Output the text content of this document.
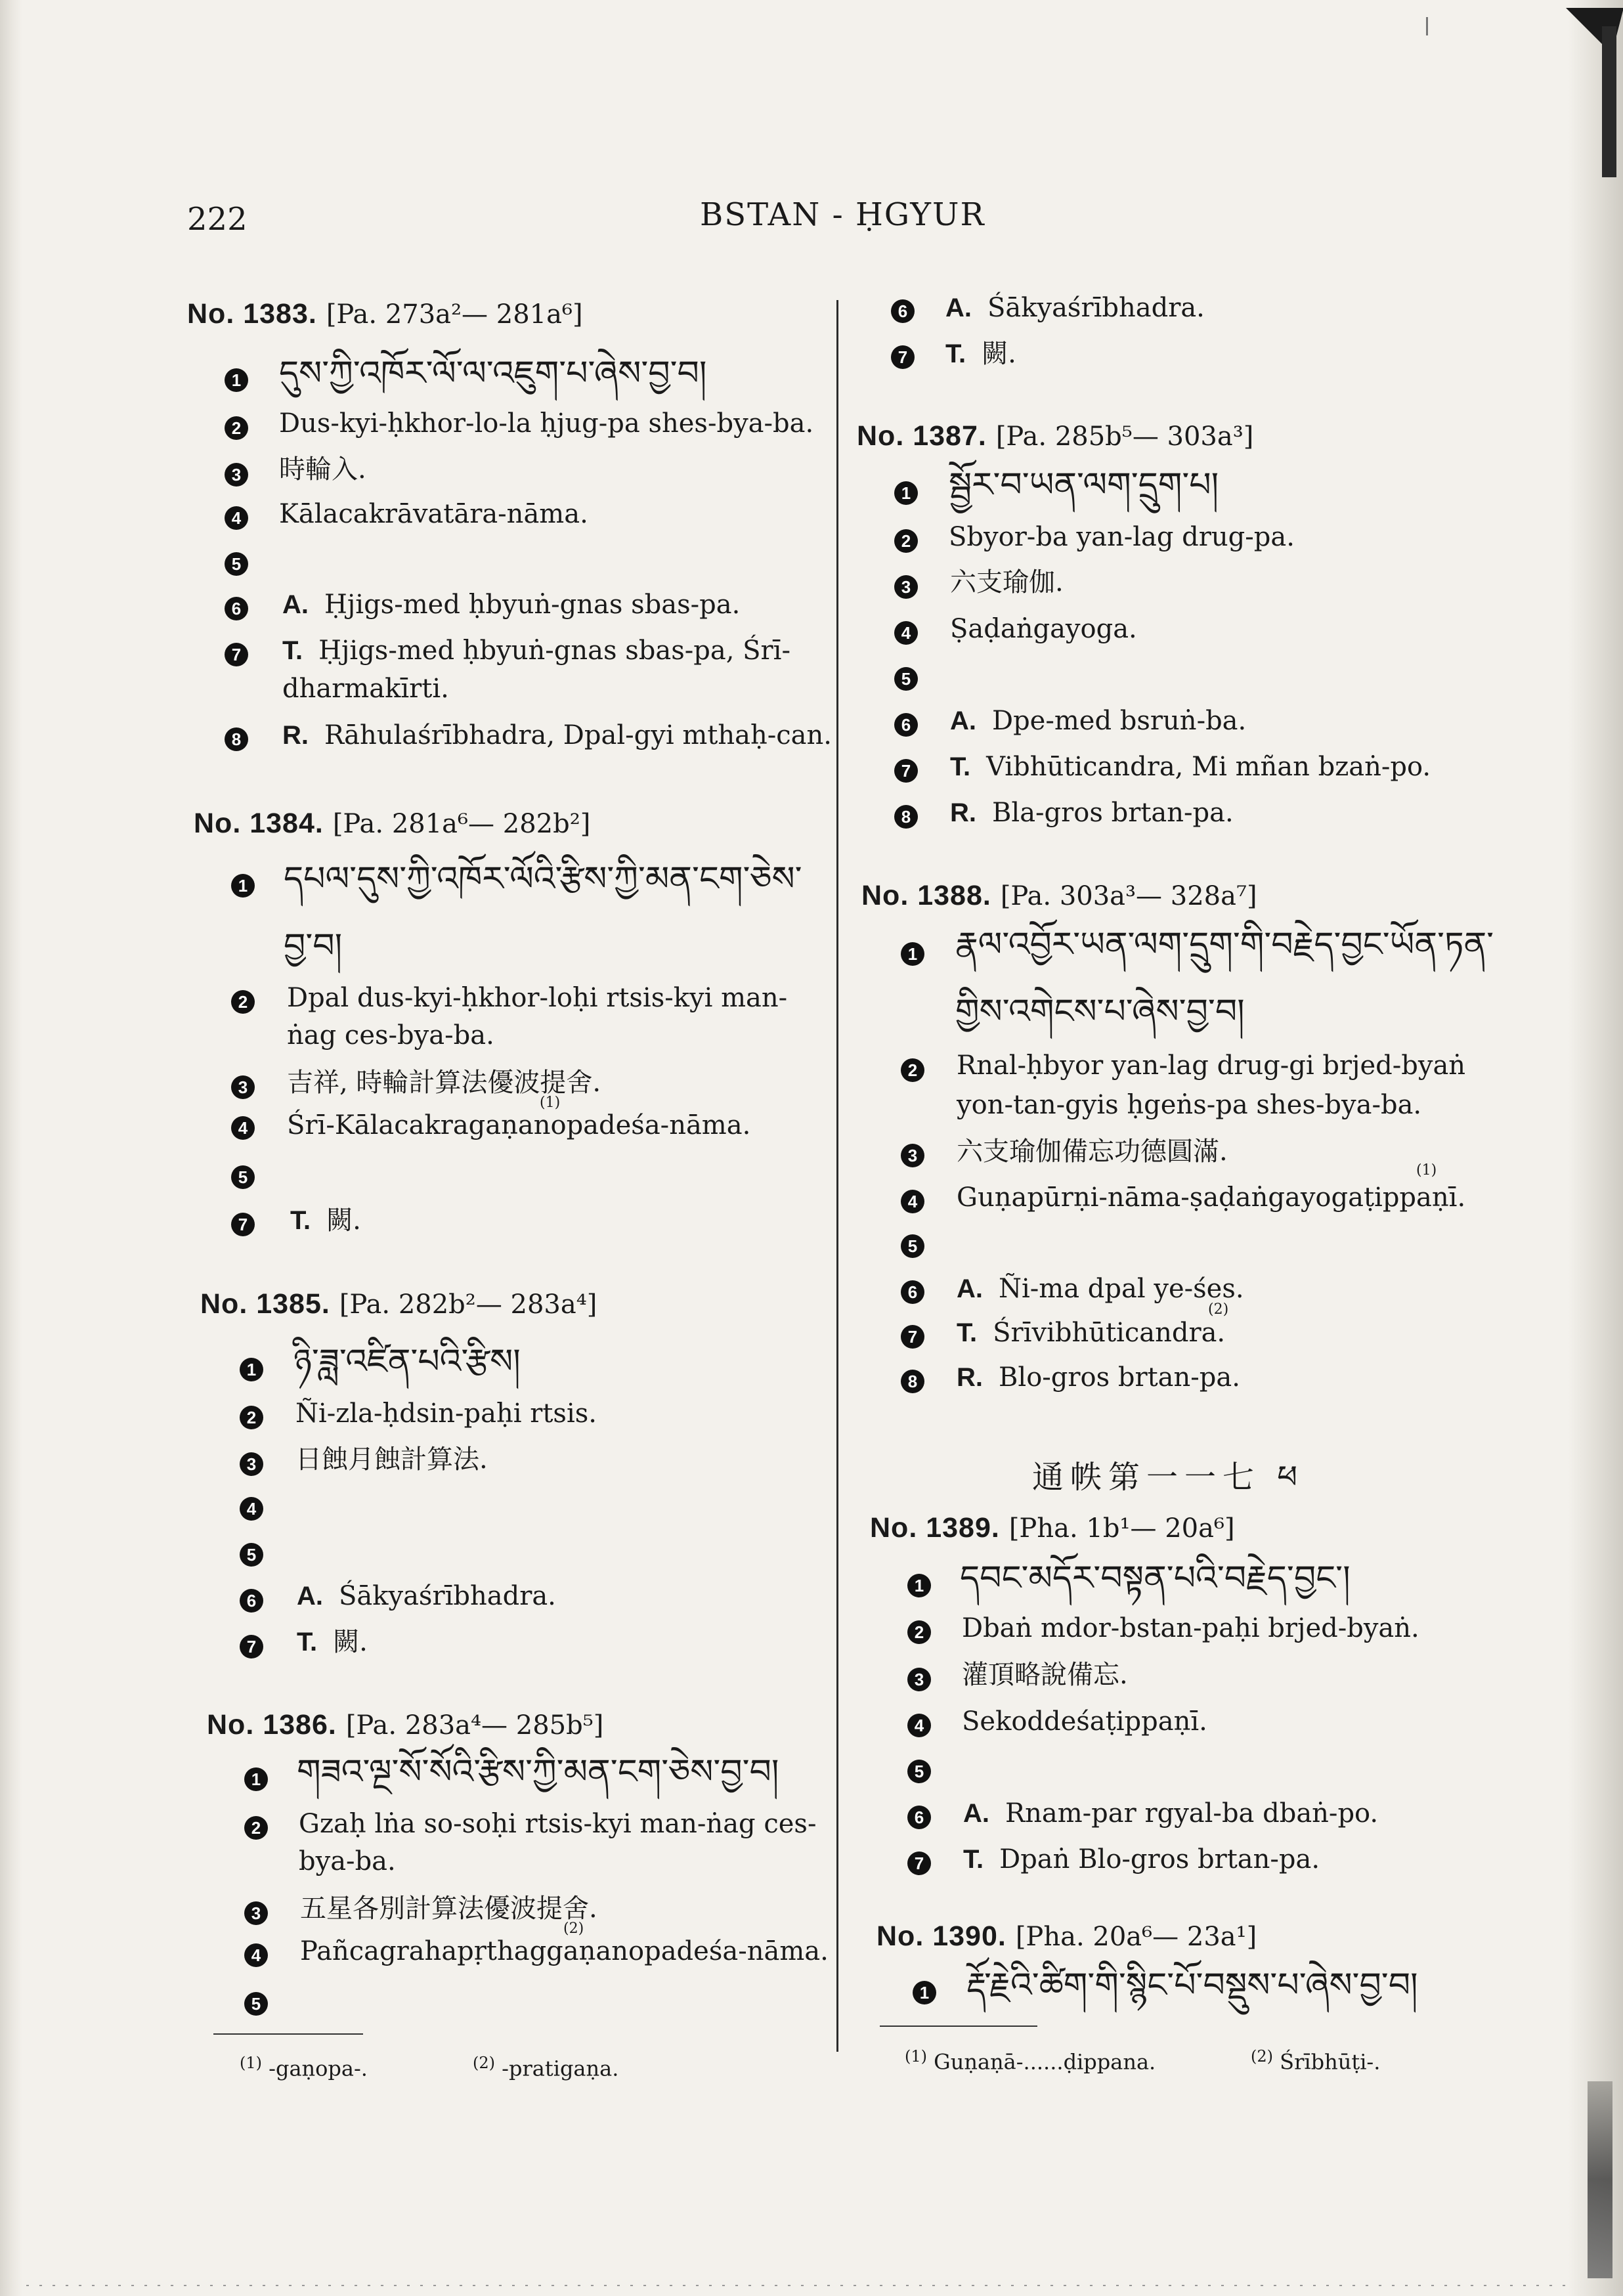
222	BSTAN - ḤGYUR
No. 1383. [Pa. 273a²— 281a⁶]
1 དུས་ཀྱི་འཁོར་ལོ་ལ་འཇུག་པ་ཞེས་བྱ་བ།
2 Dus-kyi-ḥkhor-lo-la ḥjug-pa shes-bya-ba.
3 時輪入.
4 Kālacakrāvatāra-nāma.
5
6 A. Ḥjigs-med ḥbyuṅ-gnas sbas-pa.
7 T. Ḥjigs-med ḥbyuṅ-gnas sbas-pa, Śrī-
dharmakīrti.
8 R. Rāhulaśrībhadra, Dpal-gyi mthaḥ-can.
No. 1384. [Pa. 281a⁶— 282b²]
1 དཔལ་དུས་ཀྱི་འཁོར་ལོའི་རྩིས་ཀྱི་མན་ངག་ཅེས་
བྱ་བ།
2 Dpal dus-kyi-ḥkhor-loḥi rtsis-kyi man-
ṅag ces-bya-ba.
3 吉祥, 時輪計算法優波提舍.
(1)
4 Śrī-Kālacakragaṇanopadeśa-nāma.
5
7 T. 闕.
No. 1385. [Pa. 282b²— 283a⁴]
1 ཉི་ཟླ་འཛིན་པའི་རྩིས།
2 Ñi-zla-ḥdsin-paḥi rtsis.
3 日蝕月蝕計算法.
4
5
6 A. Śākyaśrībhadra.
7 T. 闕.
No. 1386. [Pa. 283a⁴— 285b⁵]
1 གཟའ་ལྔ་སོ་སོའི་རྩིས་ཀྱི་མན་ངག་ཅེས་བྱ་བ།
2 Gzaḥ lṅa so-soḥi rtsis-kyi man-ṅag ces-
bya-ba.
3 五星各別計算法優波提舍.
(2)
4 Pañcagrahapṛthaggaṇanopadeśa-nāma.
5
$^{(1)}$ -gaṇopa-.	$^{(2)}$ -pratigaṇa.
6 A. Śākyaśrībhadra.
7 T. 闕.
No. 1387. [Pa. 285b⁵— 303a³]
1 སྦྱོར་བ་ཡན་ལག་དྲུག་པ།
2 Sbyor-ba yan-lag drug-pa.
3 六支瑜伽.
4 Ṣaḍaṅgayoga.
5
6 A. Dpe-med bsruṅ-ba.
7 T. Vibhūticandra, Mi mñan bzaṅ-po.
8 R. Bla-gros brtan-pa.
No. 1388. [Pa. 303a³— 328a⁷]
1 རྣལ་འབྱོར་ཡན་ལག་དྲུག་གི་བརྗེད་བྱང་ཡོན་ཏན་
གྱིས་འགེངས་པ་ཞེས་བྱ་བ།
2 Rnal-ḥbyor yan-lag drug-gi brjed-byaṅ
yon-tan-gyis ḥgeṅs-pa shes-bya-ba.
3 六支瑜伽備忘功德圓滿.
(1)
4 Guṇapūrṇi-nāma-ṣaḍaṅgayogaṭippaṇī.
5
6 A. Ñi-ma dpal ye-śes.
(2)
7 T. Śrīvibhūticandra.
8 R. Blo-gros brtan-pa.
通帙第一一七 ཕ
No. 1389. [Pha. 1b¹— 20a⁶]
1 དབང་མདོར་བསྟན་པའི་བརྗེད་བྱང་།
2 Dbaṅ mdor-bstan-paḥi brjed-byaṅ.
3 灌頂略說備忘.
4 Sekoddeśaṭippaṇī.
5
6 A. Rnam-par rgyal-ba dbaṅ-po.
7 T. Dpaṅ Blo-gros brtan-pa.
No. 1390. [Pha. 20a⁶— 23a¹]
1 རྡོ་རྗེའི་ཚིག་གི་སྙིང་པོ་བསྡུས་པ་ཞེས་བྱ་བ།
$^{(1)}$ Guṇaṇā-......ḍippana.	$^{(2)}$ Śrībhūṭi-.
